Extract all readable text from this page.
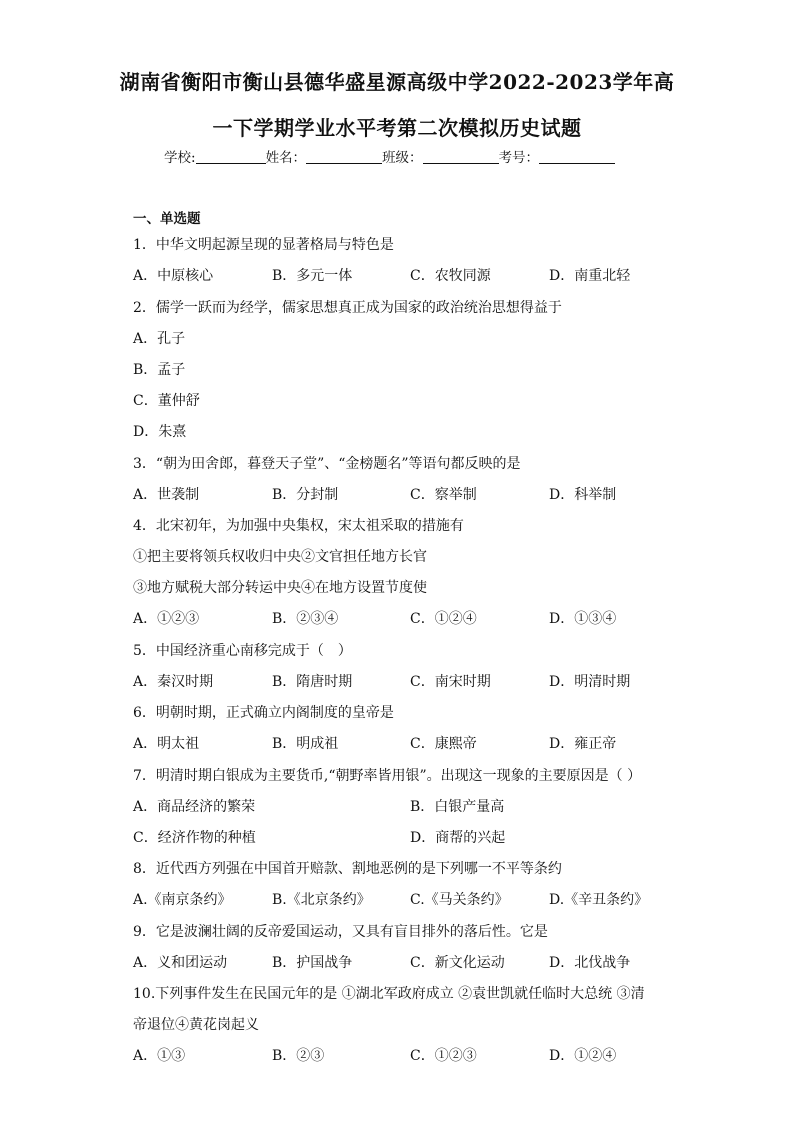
湖南省衡阳市衡山县德华盛星源高级中学2022-2023学年高
一下学期学业水平考第二次模拟历史试题
学校:	姓名：	班级：	考号：
一、单选题
1．中华文明起源呈现的显著格局与特色是
A．中原核心	B．多元一体	C．农牧同源	D．南重北轻
2．儒学一跃而为经学，儒家思想真正成为国家的政治统治思想得益于
A．孔子
B．孟子
C．董仲舒
D．朱熹
3．“朝为田舍郎，暮登天子堂”、“金榜题名”等语句都反映的是
A．世袭制	B．分封制	C．察举制	D．科举制
4．北宋初年，为加强中央集权，宋太祖采取的措施有
①把主要将领兵权收归中央②文官担任地方长官
③地方赋税大部分转运中央④在地方设置节度使
A．①②③	B．②③④	C．①②④	D．①③④
5．中国经济重心南移完成于（　）
A．秦汉时期	B．隋唐时期	C．南宋时期	D．明清时期
6．明朝时期，正式确立内阁制度的皇帝是
A．明太祖	B．明成祖	C．康熙帝	D．雍正帝
7．明清时期白银成为主要货币,“朝野率皆用银”。出现这一现象的主要原因是（ ）
A．商品经济的繁荣	B．白银产量高
C．经济作物的种植	D．商帮的兴起
8．近代西方列强在中国首开赔款、割地恶例的是下列哪一不平等条约
A.《南京条约》	B.《北京条约》	C.《马关条约》	D.《辛丑条约》
9．它是波澜壮阔的反帝爱国运动，又具有盲目排外的落后性。它是
A．义和团运动	B．护国战争	C．新文化运动	D．北伐战争
10.下列事件发生在民国元年的是 ①湖北军政府成立 ②袁世凯就任临时大总统 ③清
帝退位④黄花岗起义
A．①③	B．②③	C．①②③	D．①②④
